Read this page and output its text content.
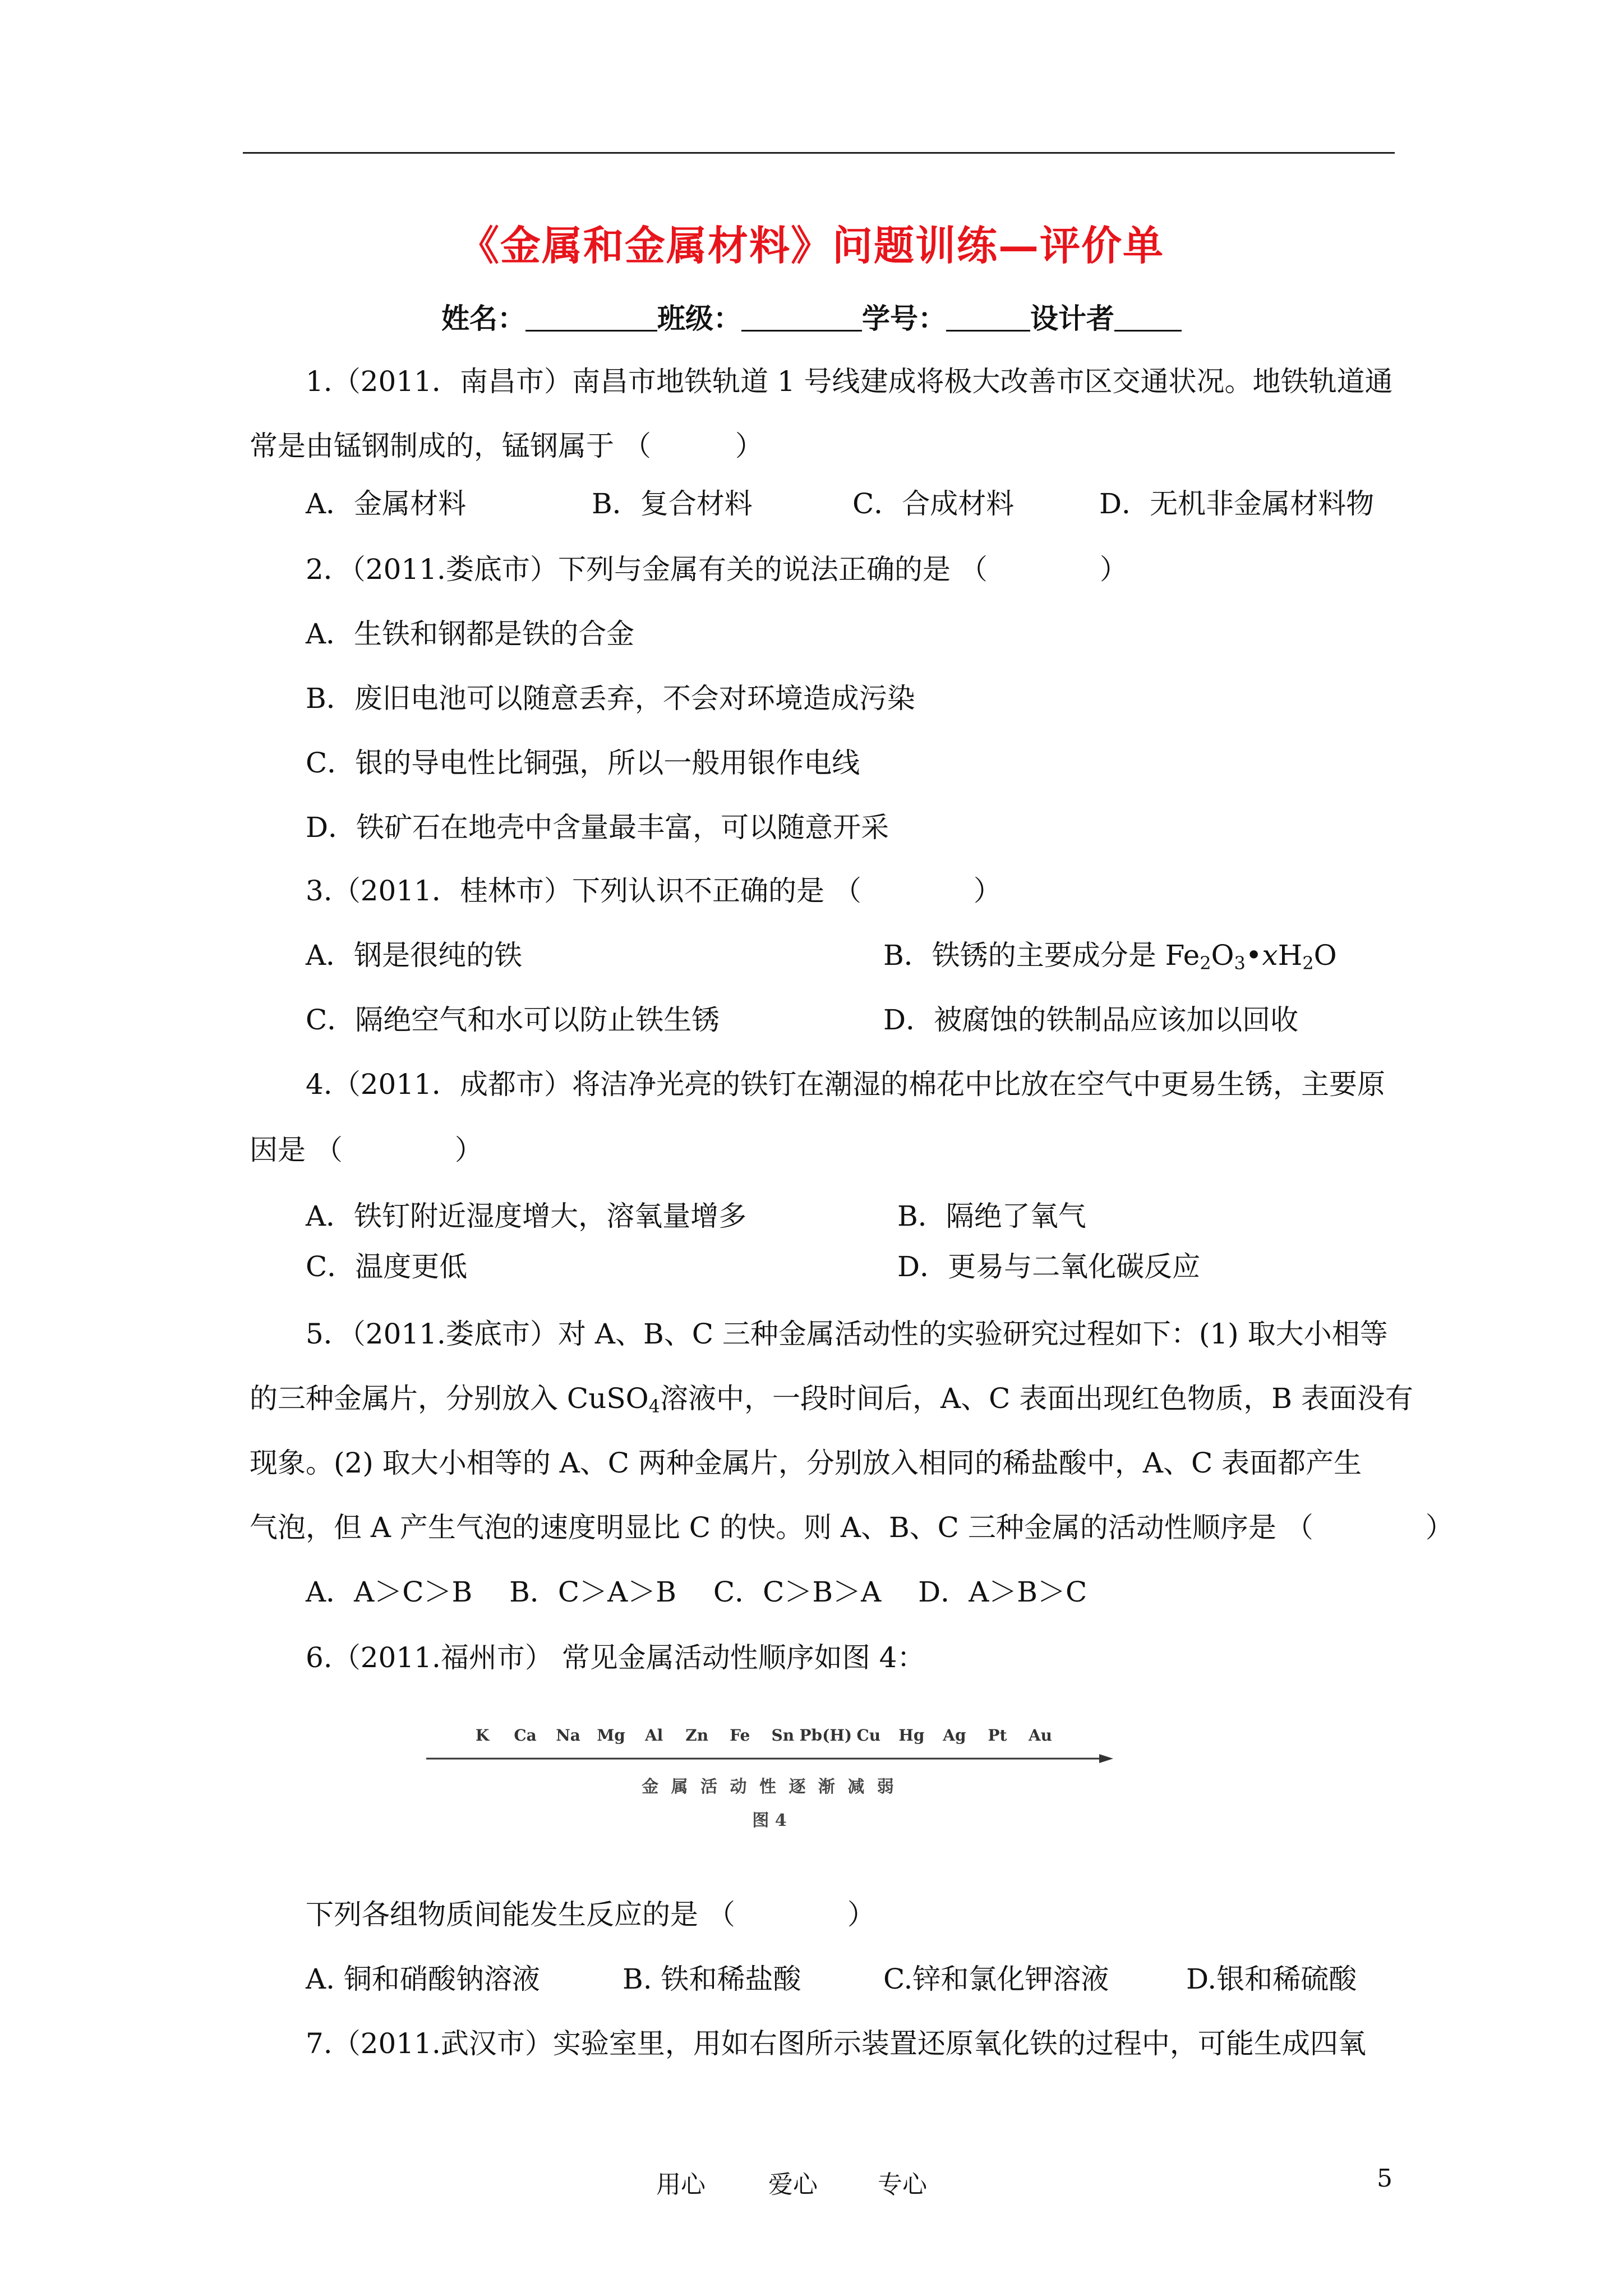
《金属和金属材料》问题训练—评价单
姓名：	班级：	学号：	设计者
1.（2011．南昌市）南昌市地铁轨道 1 号线建成将极大改善市区交通状况。地铁轨道通
常是由锰钢制成的，锰钢属于 （　　　）
A．金属材料	B．复合材料	C．合成材料	D．无机非金属材料物
2．（2011.娄底市）下列与金属有关的说法正确的是 （　　　　）
A．生铁和钢都是铁的合金
B．废旧电池可以随意丢弃，不会对环境造成污染
C．银的导电性比铜强，所以一般用银作电线
D．铁矿石在地壳中含量最丰富，可以随意开采
3.（2011．桂林市）下列认识不正确的是 （　　　　）
A．钢是很纯的铁	B．铁锈的主要成分是 $Fe_2O_3•xH_2O$
C．隔绝空气和水可以防止铁生锈	D．被腐蚀的铁制品应该加以回收
4.（2011．成都市）将洁净光亮的铁钉在潮湿的棉花中比放在空气中更易生锈，主要原
因是 （　　　　）
A．铁钉附近湿度增大，溶氧量增多	B．隔绝了氧气
C．温度更低	D．更易与二氧化碳反应
5．（2011.娄底市）对 A、B、C 三种金属活动性的实验研究过程如下：(1) 取大小相等
的三种金属片，分别放入 CuSO$_4$溶液中，一段时间后，A、C 表面出现红色物质，B 表面没有
现象。(2) 取大小相等的 A、C 两种金属片，分别放入相同的稀盐酸中，A、C 表面都产生
气泡，但 A 产生气泡的速度明显比 C 的快。则 A、B、C 三种金属的活动性顺序是 （　　　　）
A．A＞C＞B　 B．C＞A＞B　 C．C＞B＞A　 D．A＞B＞C
6.（2011.福州市） 常见金属活动性顺序如图 4：
K Ca Na Mg Al Zn Fe Sn Pb(H) Cu Hg Ag Pt Au
金 属 活 动 性 逐 渐 减 弱
图 4
下列各组物质间能发生反应的是 （　　　　）
A. 铜和硝酸钠溶液	B. 铁和稀盐酸	C.锌和氯化钾溶液	D.银和稀硫酸
7.（2011.武汉市）实验室里，用如右图所示装置还原氧化铁的过程中，可能生成四氧
用心	爱心 专心	5
